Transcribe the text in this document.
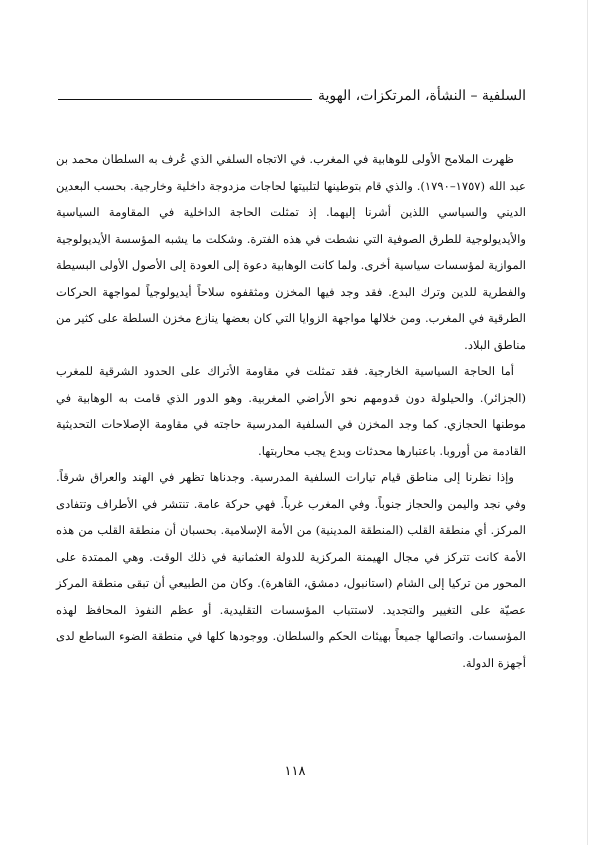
السلفية – النشأة، المرتكزات، الهوية

ظهرت الملامح الأولى للوهابية في المغرب. في الاتجاه السلفي الذي عُرف به السلطان محمد بن عبد الله (١٧٥٧–١٧٩٠). والذي قام بتوطينها لتلبيتها لحاجات مزدوجة داخلية وخارجية. بحسب البعدين الديني والسياسي اللذين أشرنا إليهما. إذ تمثلت الحاجة الداخلية في المقاومة السياسية والأيديولوجية للطرق الصوفية التي نشطت في هذه الفترة. وشكلت ما يشبه المؤسسة الأيديولوجية الموازية لمؤسسات سياسية أخرى. ولما كانت الوهابية دعوة إلى العودة إلى الأصول الأولى البسيطة والفطرية للدين وترك البدع. فقد وجد فيها المخزن ومثقفوه سلاحاً أيديولوجياً لمواجهة الحركات الطرقية في المغرب. ومن خلالها مواجهة الزوايا التي كان بعضها ينازع مخزن السلطة على كثير من مناطق البلاد.

أما الحاجة السياسية الخارجية. فقد تمثلت في مقاومة الأتراك على الحدود الشرقية للمغرب (الجزائر). والحيلولة دون قدومهم نحو الأراضي المغربية. وهو الدور الذي قامت به الوهابية في موطنها الحجازي. كما وجد المخزن في السلفية المدرسية حاجته في مقاومة الإصلاحات التحديثية القادمة من أوروبا. باعتبارها محدثات وبدع يجب محاربتها.

وإذا نظرنا إلى مناطق قيام تيارات السلفية المدرسية. وجدناها تظهر في الهند والعراق شرقاً. وفي نجد واليمن والحجاز جنوباً. وفي المغرب غرباً. فهي حركة عامة. تنتشر في الأطراف وتتفادى المركز. أي منطقة القلب (المنطقة المدينية) من الأمة الإسلامية. بحسبان أن منطقة القلب من هذه الأمة كانت تتركز في مجال الهيمنة المركزية للدولة العثمانية في ذلك الوقت. وهي الممتدة على المحور من تركيا إلى الشام (استانبول، دمشق، القاهرة). وكان من الطبيعي أن تبقى منطقة المركز عصيّة على التغيير والتجديد. لاستتباب المؤسسات التقليدية. أو عظم النفوذ المحافظ لهذه المؤسسات. واتصالها جميعاً بهيئات الحكم والسلطان. ووجودها كلها في منطقة الضوء الساطع لدى أجهزة الدولة.

١١٨
